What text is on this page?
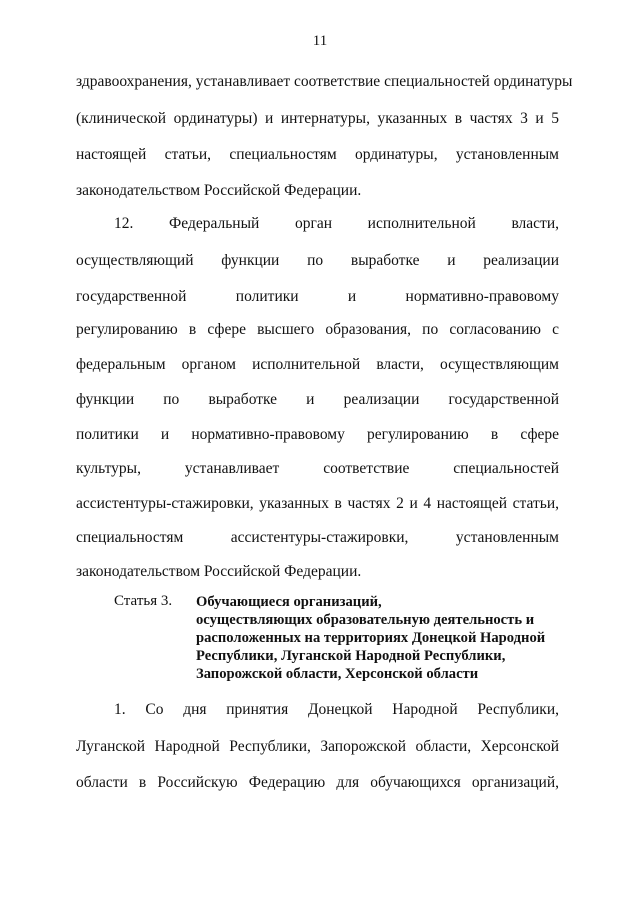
11
здравоохранения, устанавливает соответствие специальностей ординатуры
(клинической ординатуры) и интернатуры, указанных в частях 3 и 5
настоящей статьи, специальностям ординатуры, установленным
законодательством Российской Федерации.
12. Федеральный орган исполнительной власти,
осуществляющий функции по выработке и реализации
государственной политики и нормативно-правовому
регулированию в сфере высшего образования, по согласованию с
федеральным органом исполнительной власти, осуществляющим
функции по выработке и реализации государственной
политики и нормативно-правовому регулированию в сфере
культуры, устанавливает соответствие специальностей
ассистентуры-стажировки, указанных в частях 2 и 4 настоящей статьи,
специальностям ассистентуры-стажировки, установленным
законодательством Российской Федерации.
Статья 3. Обучающиеся организаций,
осуществляющих образовательную деятельность и
расположенных на территориях Донецкой Народной
Республики, Луганской Народной Республики,
Запорожской области, Херсонской области
1. Со дня принятия Донецкой Народной Республики,
Луганской Народной Республики, Запорожской области, Херсонской
области в Российскую Федерацию для обучающихся организаций,
